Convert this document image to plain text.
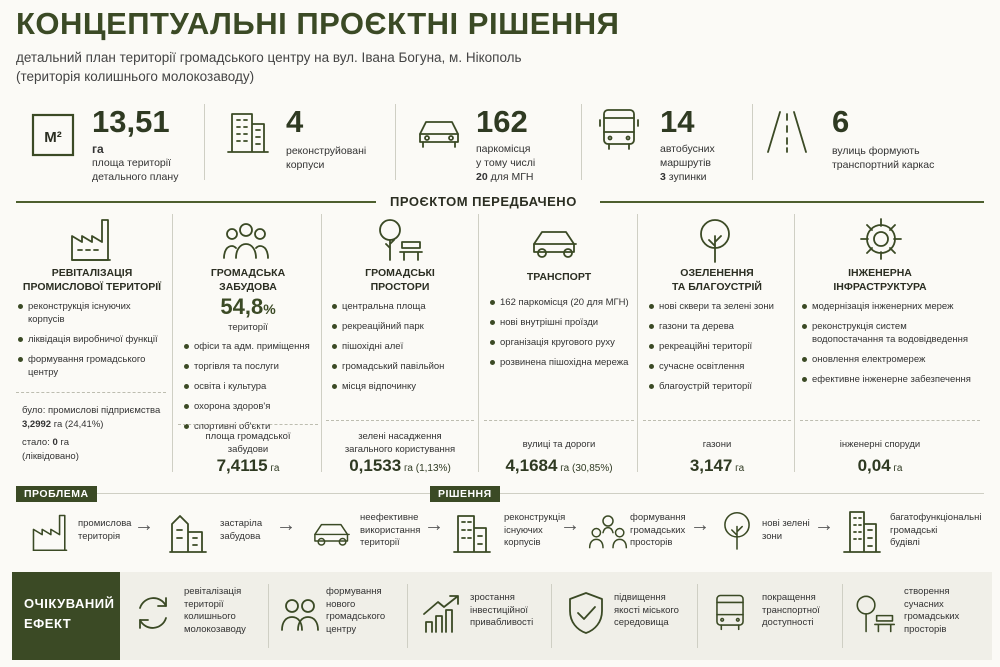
КОНЦЕПТУАЛЬНІ ПРОЄКТНІ РІШЕННЯ
детальний план території громадського центру на вул. Івана Богуна, м. Нікополь
(територія колишнього молокозаводу)
М² 13,51
га
площа території
детального плану
4
реконструйовані
корпуси
162
паркомісця
у тому числі
20 для МГН
14
автобусних
маршрутів
3 зупинки
6
вулиць формують
транспортний каркас
ПРОЄКТОМ ПЕРЕДБАЧЕНО
РЕВІТАЛІЗАЦІЯ
ПРОМИСЛОВОЇ ТЕРИТОРІЇ
реконструкція існуючих корпусів
ліквідація виробничої функції
формування громадського центру
було: промислові підприємства
3,2992 га (24,41%)
стало: 0 га
(ліквідовано)
ГРОМАДСЬКА
ЗАБУДОВА
54,8%
території
офіси та адм. приміщення
торгівля та послуги
освіта і культура
охорона здоров'я
спортивні об'єкти
площа громадської
забудови
7,4115 га
ГРОМАДСЬКІ
ПРОСТОРИ
центральна площа
рекреаційний парк
пішохідні алеї
громадський павільйон
місця відпочинку
зелені насадження
загального користування
0,1533 га (1,13%)
ТРАНСПОРТ
162 паркомісця (20 для МГН)
нові внутрішні проїзди
організація кругового руху
розвинена пішохідна мережа
вулиці та дороги
4,1684 га (30,85%)
ОЗЕЛЕНЕННЯ
ТА БЛАГОУСТРІЙ
нові сквери та зелені зони
газони та дерева
рекреаційні території
сучасне освітлення
благоустрій території
газони
3,147 га
ІНЖЕНЕРНА
ІНФРАСТРУКТУРА
модернізація інженерних мереж
реконструкція систем водопостачання та водовідведення
оновлення електромереж
ефективне інженерне забезпечення
інженерні споруди
0,04 га
ПРОБЛЕМА	РІШЕННЯ
промислова
територія →	застаріла
забудова →	неефективне
використання
території
→	реконструкція
існуючих
корпусів
→	формування
громадських
просторів
→	нові зелені
зони	→	багатофункціональні
громадські
будівлі
ОЧІКУВАНИЙ
ЕФЕКТ
ревіталізація
території
колишнього
молокозаводу
формування
нового
громадського
центру
зростання
інвестиційної
привабливості
підвищення
якості міського
середовища
покращення
транспортної
доступності
створення
сучасних
громадських
просторів
